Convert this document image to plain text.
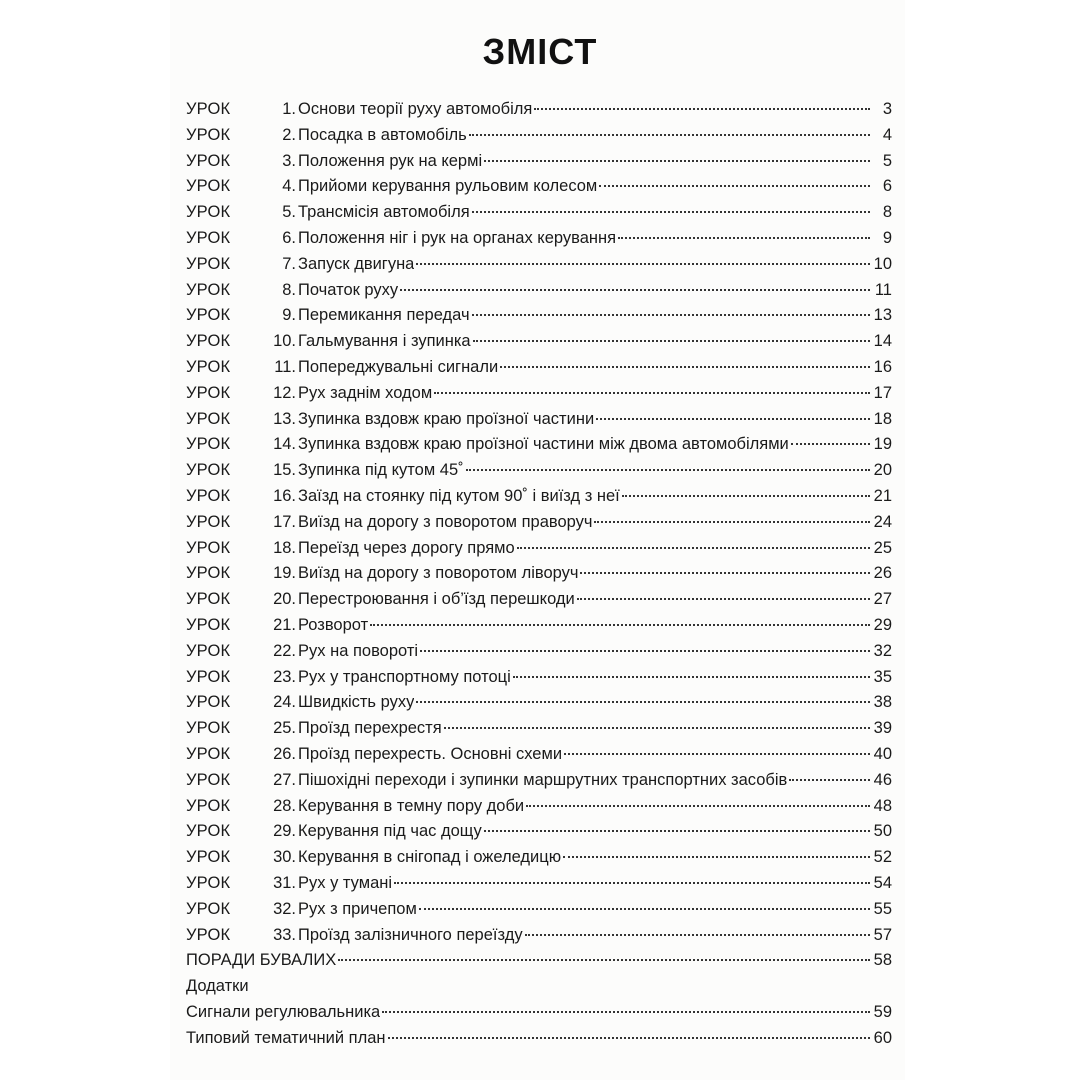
ЗМІСТ
УРОК	1. Основи теорії руху автомобіля	3
УРОК	2. Посадка в автомобіль	4
УРОК	3. Положення рук на кермі	5
УРОК	4. Прийоми керування рульовим колесом	6
УРОК	5. Трансмісія автомобіля	8
УРОК	6. Положення ніг і рук на органах керування	9
УРОК	7. Запуск двигуна	10
УРОК	8. Початок руху	11
УРОК	9. Перемикання передач	13
УРОК	10. Гальмування і зупинка	14
УРОК	11. Попереджувальні сигнали	16
УРОК	12. Рух заднім ходом	17
УРОК	13. Зупинка вздовж краю проїзної частини	18
УРОК	14. Зупинка вздовж краю проїзної частини між двома автомобілями	19
УРОК	15. Зупинка під кутом 45˚	20
УРОК	16. Заїзд на стоянку під кутом 90˚ і виїзд з неї	21
УРОК	17. Виїзд на дорогу з поворотом праворуч	24
УРОК	18. Переїзд через дорогу прямо	25
УРОК	19. Виїзд на дорогу з поворотом ліворуч	26
УРОК	20. Перестроювання і об’їзд перешкоди	27
УРОК	21. Розворот	29
УРОК	22. Рух на повороті	32
УРОК	23. Рух у транспортному потоці	35
УРОК	24. Швидкість руху	38
УРОК	25. Проїзд перехрестя	39
УРОК	26. Проїзд перехресть. Основні схеми	40
УРОК	27. Пішохідні переходи і зупинки маршрутних транспортних засобів	46
УРОК	28. Керування в темну пору доби	48
УРОК	29. Керування під час дощу	50
УРОК	30. Керування в снігопад і ожеледицю	52
УРОК	31. Рух у тумані	54
УРОК	32. Рух з причепом	55
УРОК	33. Проїзд залізничного переїзду	57
ПОРАДИ БУВАЛИХ	58
Додатки
Сигнали регулювальника	59
Типовий тематичний план	60
